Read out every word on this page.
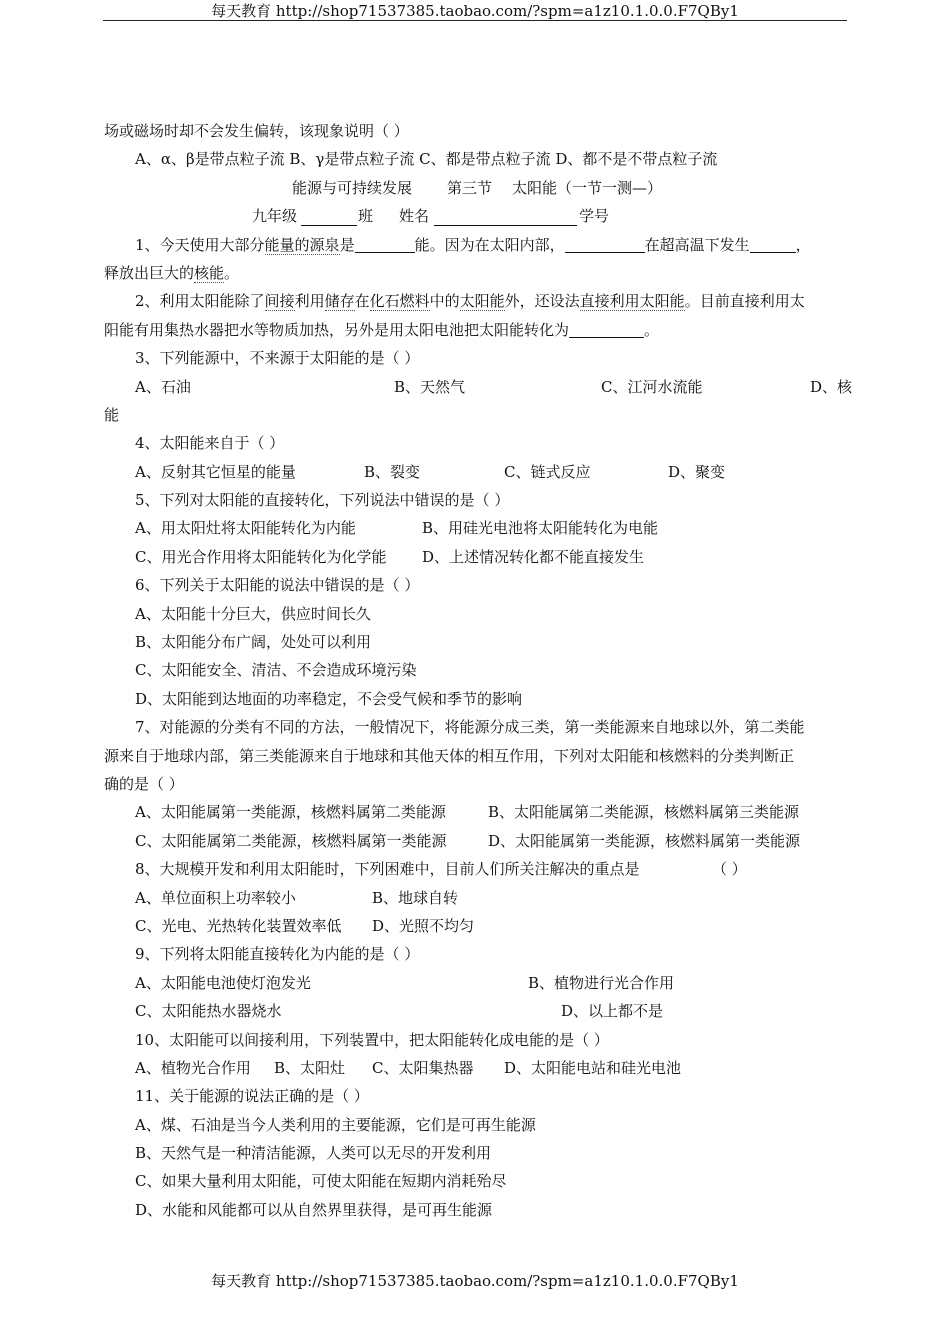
每天教育 http://shop71537385.taobao.com/?spm=a1z10.1.0.0.F7QBy1
场或磁场时却不会发生偏转，该现象说明（ ）
A、α、β是带点粒子流 B、γ是带点粒子流 C、都是带点粒子流 D、都不是不带点粒子流
能源与可持续发展 第三节 太阳能（一节一测—）
九年级	班 姓名	学号
1、今天使用大部分能量的源泉是	能。因为在太阳内部，	在超高温下发生	，
释放出巨大的核能。
2、利用太阳能除了间接利用储存在化石燃料中的太阳能外，还设法直接利用太阳能。目前直接利用太
阳能有用集热水器把水等物质加热，另外是用太阳电池把太阳能转化为	。
3、下列能源中，不来源于太阳能的是（ ）
A、石油	B、天然气	C、江河水流能	D、核
能
4、太阳能来自于（ ）
A、反射其它恒星的能量	B、裂变	C、链式反应	D、聚变
5、下列对太阳能的直接转化，下列说法中错误的是（ ）
A、用太阳灶将太阳能转化为内能	B、用硅光电池将太阳能转化为电能
C、用光合作用将太阳能转化为化学能 D、上述情况转化都不能直接发生
6、下列关于太阳能的说法中错误的是（ ）
A、太阳能十分巨大，供应时间长久
B、太阳能分布广阔，处处可以利用
C、太阳能安全、清洁、不会造成环境污染
D、太阳能到达地面的功率稳定，不会受气候和季节的影响
7、对能源的分类有不同的方法，一般情况下，将能源分成三类，第一类能源来自地球以外，第二类能
源来自于地球内部，第三类能源来自于地球和其他天体的相互作用，下列对太阳能和核燃料的分类判断正
确的是（ ）
A、太阳能属第一类能源，核燃料属第二类能源	B、太阳能属第二类能源，核燃料属第三类能源
C、太阳能属第二类能源，核燃料属第一类能源	D、太阳能属第一类能源，核燃料属第一类能源
8、大规模开发和利用太阳能时，下列困难中，目前人们所关注解决的重点是	（ ）
A、单位面积上功率较小	B、地球自转
C、光电、光热转化装置效率低 D、光照不均匀
9、下列将太阳能直接转化为内能的是（ ）
A、太阳能电池使灯泡发光	B、植物进行光合作用
C、太阳能热水器烧水	D、以上都不是
10、太阳能可以间接利用，下列装置中，把太阳能转化成电能的是（ ）
A、植物光合作用 B、太阳灶 C、太阳集热器 D、太阳能电站和硅光电池
11、关于能源的说法正确的是（ ）
A、煤、石油是当今人类利用的主要能源，它们是可再生能源
B、天然气是一种清洁能源，人类可以无尽的开发利用
C、如果大量利用太阳能，可使太阳能在短期内消耗殆尽
D、水能和风能都可以从自然界里获得，是可再生能源
每天教育 http://shop71537385.taobao.com/?spm=a1z10.1.0.0.F7QBy1
